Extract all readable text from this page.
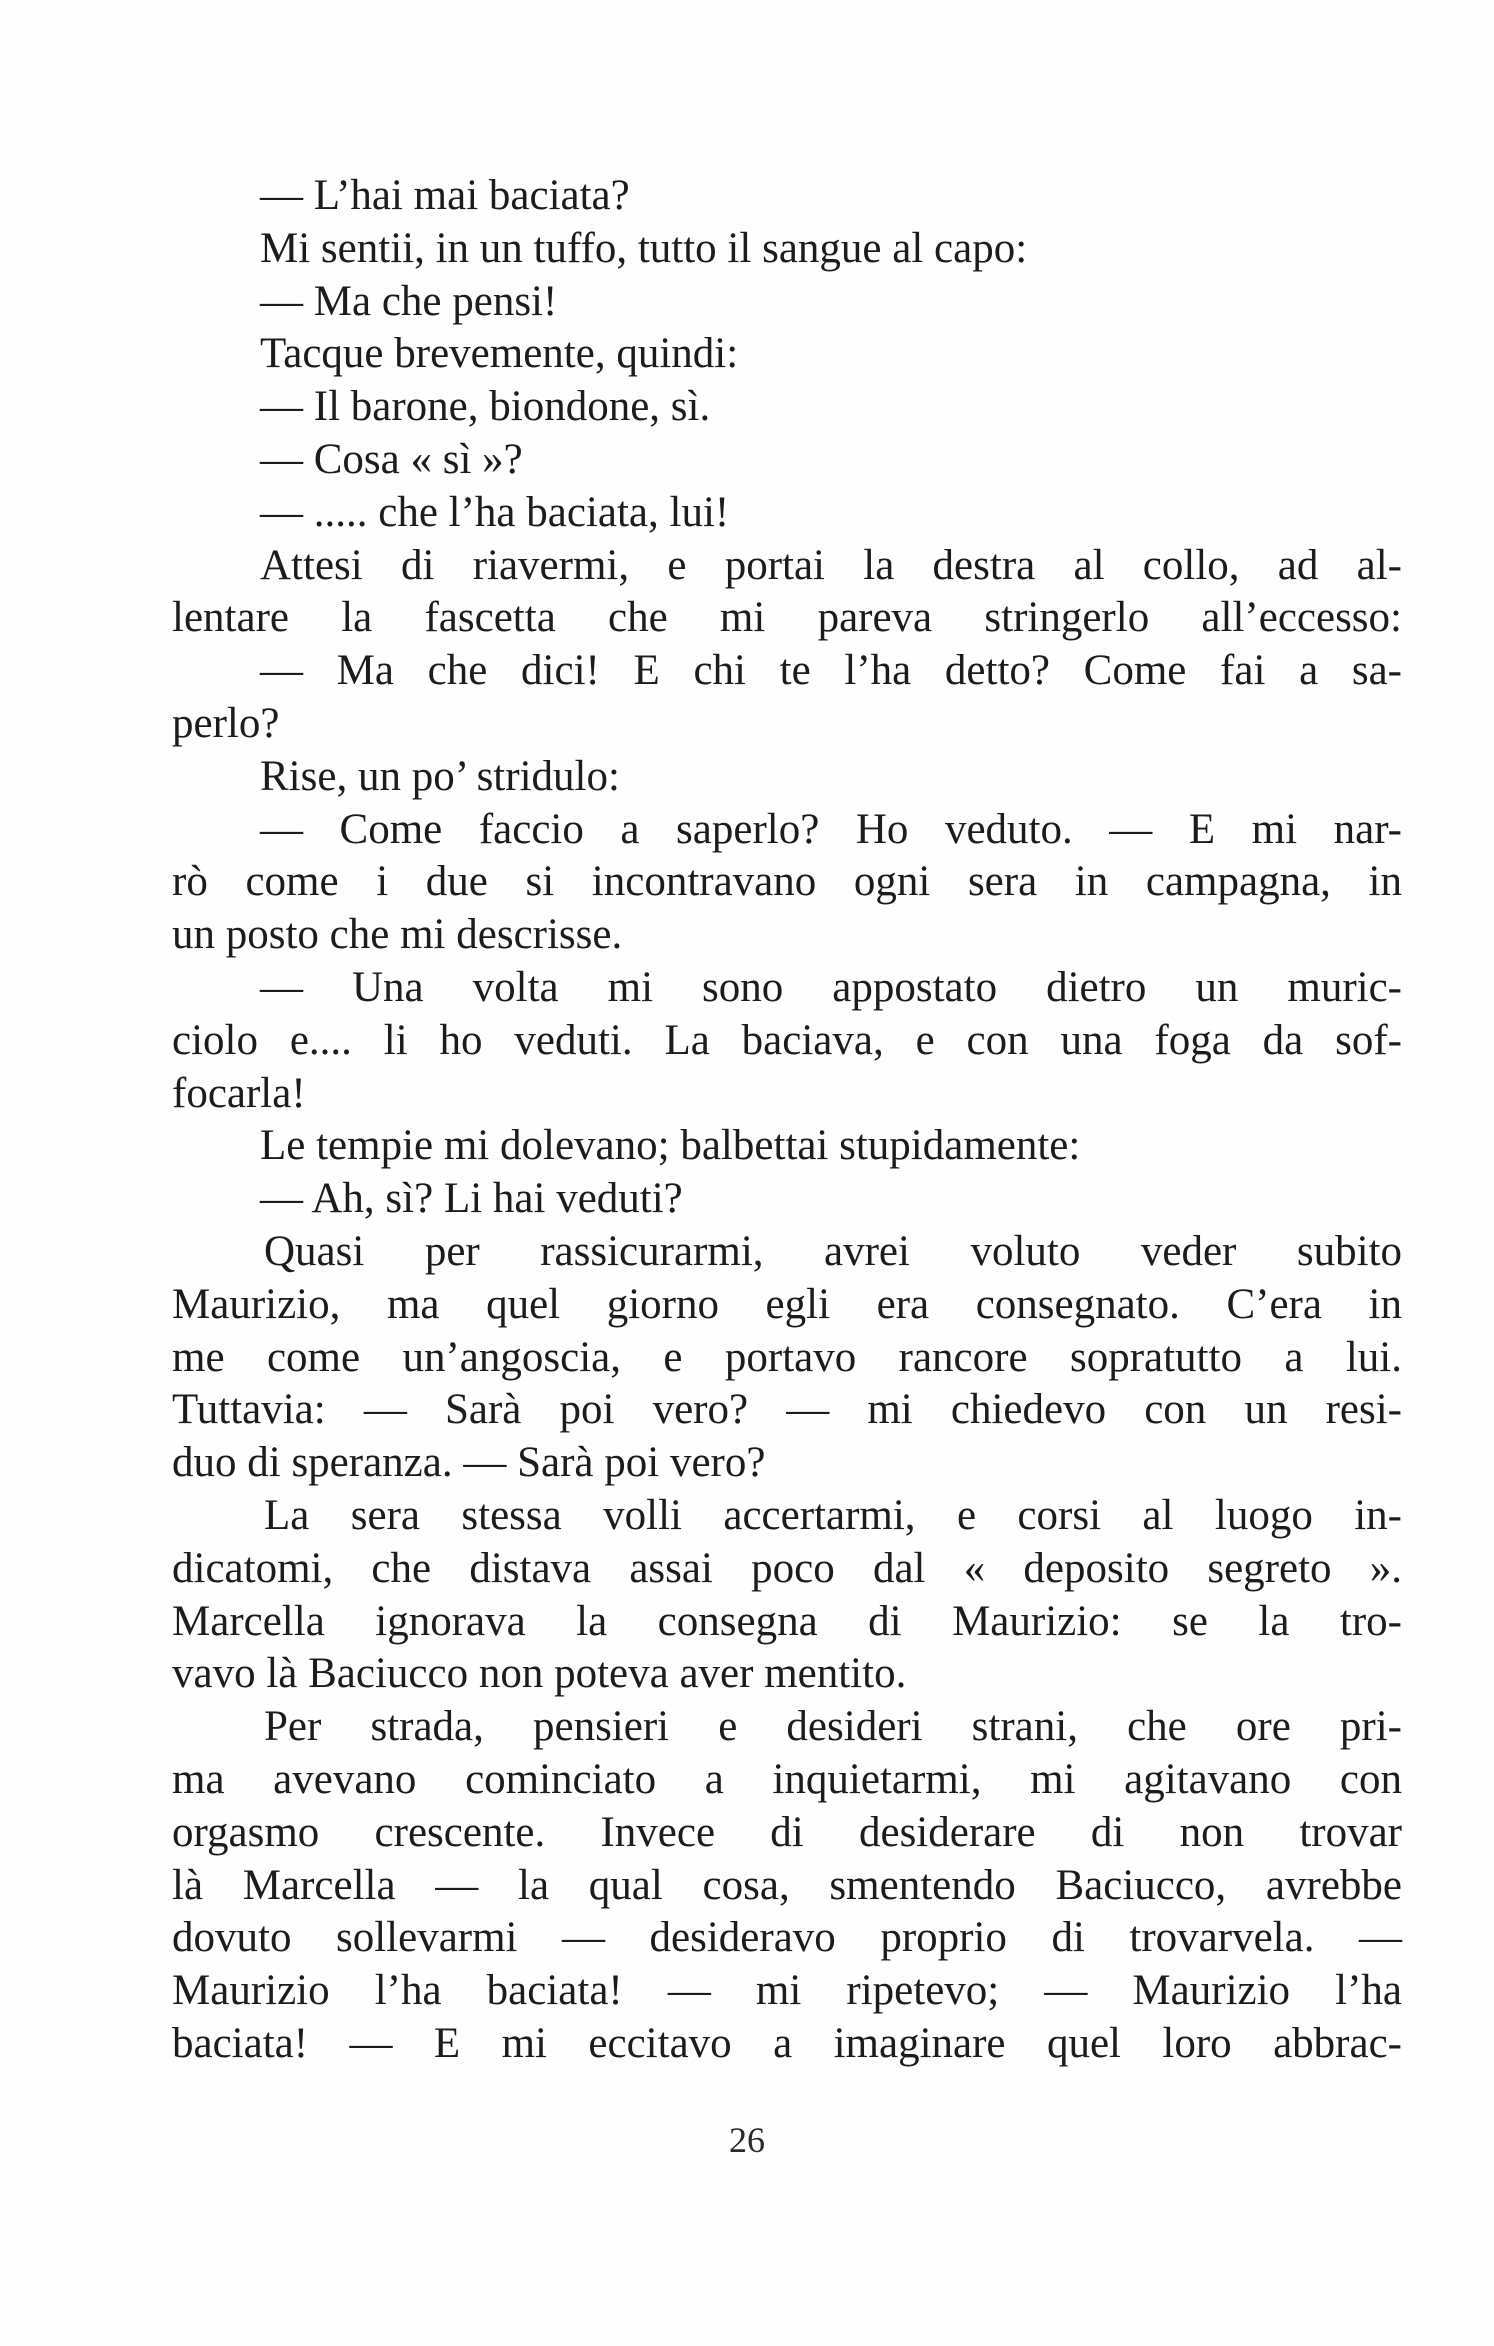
— L’hai mai baciata?
Mi sentii, in un tuffo, tutto il sangue al capo:
— Ma che pensi!
Tacque brevemente, quindi:
— Il barone, biondone, sì.
— Cosa « sì »?
— ..... che l’ha baciata, lui!
Attesi di riavermi, e portai la destra al collo, ad al-
lentare la fascetta che mi pareva stringerlo all’eccesso:
— Ma che dici! E chi te l’ha detto? Come fai a sa-
perlo?
Rise, un po’ stridulo:
— Come faccio a saperlo? Ho veduto. — E mi nar-
rò come i due si incontravano ogni sera in campagna, in
un posto che mi descrisse.
— Una volta mi sono appostato dietro un muric-
ciolo e.... li ho veduti. La baciava, e con una foga da sof-
focarla!
Le tempie mi dolevano; balbettai stupidamente:
— Ah, sì? Li hai veduti?
Quasi per rassicurarmi, avrei voluto veder subito
Maurizio, ma quel giorno egli era consegnato. C’era in
me come un’angoscia, e portavo rancore sopratutto a lui.
Tuttavia: — Sarà poi vero? — mi chiedevo con un resi-
duo di speranza. — Sarà poi vero?
La sera stessa volli accertarmi, e corsi al luogo in-
dicatomi, che distava assai poco dal « deposito segreto ».
Marcella ignorava la consegna di Maurizio: se la tro-
vavo là Baciucco non poteva aver mentito.
Per strada, pensieri e desideri strani, che ore pri-
ma avevano cominciato a inquietarmi, mi agitavano con
orgasmo crescente. Invece di desiderare di non trovar
là Marcella — la qual cosa, smentendo Baciucco, avrebbe
dovuto sollevarmi — desideravo proprio di trovarvela. —
Maurizio l’ha baciata! — mi ripetevo; — Maurizio l’ha
baciata! — E mi eccitavo a imaginare quel loro abbrac-
26
